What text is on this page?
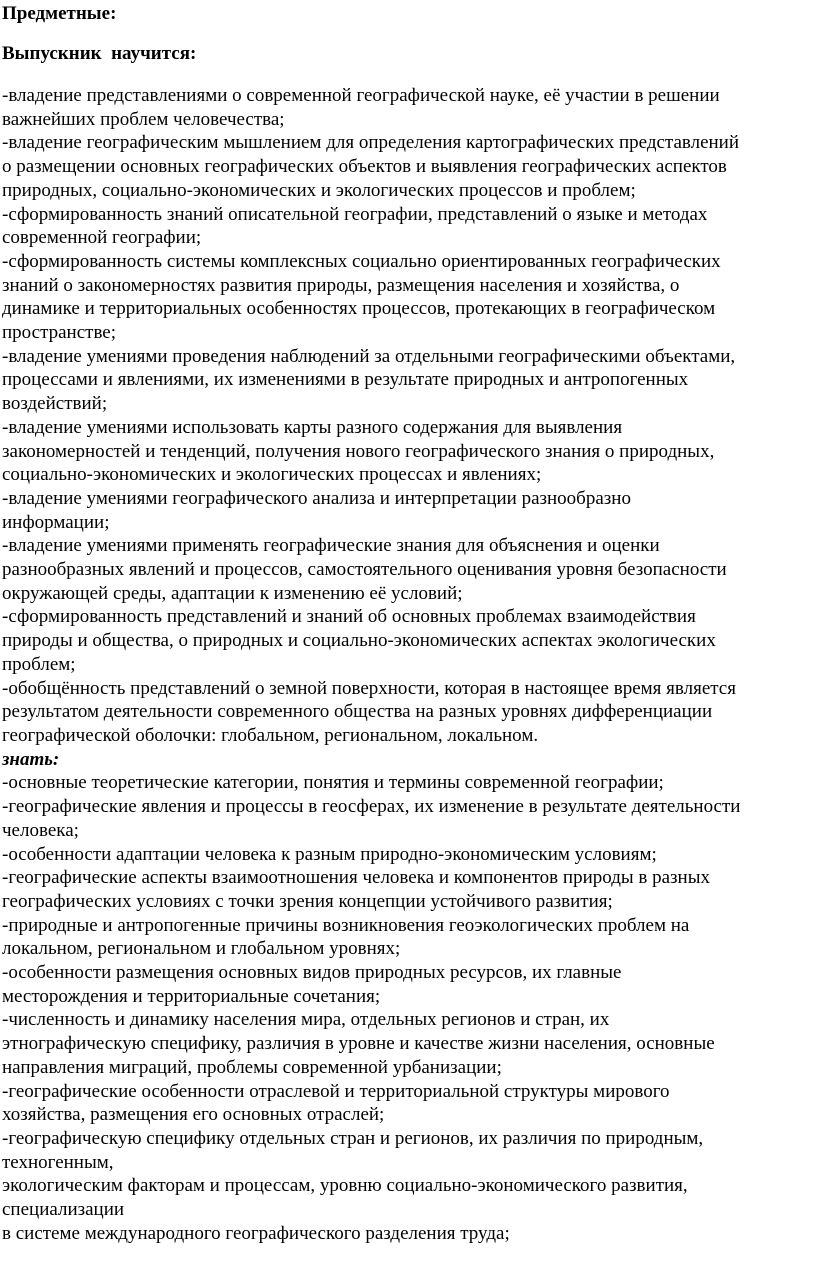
Предметные:

Выпускник  научится:

-владение представлениями о современной географической науке, её участии в решении
важнейших проблем человечества;
-владение географическим мышлением для определения картографических представлений
о размещении основных географических объектов и выявления географических аспектов
природных, социально-экономических и экологических процессов и проблем;
-сформированность знаний описательной географии, представлений о языке и методах
современной географии;
-сформированность системы комплексных социально ориентированных географических
знаний о закономерностях развития природы, размещения населения и хозяйства, о
динамике и территориальных особенностях процессов, протекающих в географическом
пространстве;
-владение умениями проведения наблюдений за отдельными географическими объектами,
процессами и явлениями, их изменениями в результате природных и антропогенных
воздействий;
-владение умениями использовать карты разного содержания для выявления
закономерностей и тенденций, получения нового географического знания о природных,
социально-экономических и экологических процессах и явлениях;
-владение умениями географического анализа и интерпретации разнообразно
информации;
-владение умениями применять географические знания для объяснения и оценки
разнообразных явлений и процессов, самостоятельного оценивания уровня безопасности
окружающей среды, адаптации к изменению её условий;
-сформированность представлений и знаний об основных проблемах взаимодействия
природы и общества, о природных и социально-экономических аспектах экологических
проблем;
-обобщённость представлений о земной поверхности, которая в настоящее время является
результатом деятельности современного общества на разных уровнях дифференциации
географической оболочки: глобальном, региональном, локальном.
знать:
-основные теоретические категории, понятия и термины современной географии;
-географические явления и процессы в геосферах, их изменение в результате деятельности
человека;
-особенности адаптации человека к разным природно-экономическим условиям;
-географические аспекты взаимоотношения человека и компонентов природы в разных
географических условиях с точки зрения концепции устойчивого развития;
-природные и антропогенные причины возникновения геоэкологических проблем на
локальном, региональном и глобальном уровнях;
-особенности размещения основных видов природных ресурсов, их главные
месторождения и территориальные сочетания;
-численность и динамику населения мира, отдельных регионов и стран, их
этнографическую специфику, различия в уровне и качестве жизни населения, основные
направления миграций, проблемы современной урбанизации;
-географические особенности отраслевой и территориальной структуры мирового
хозяйства, размещения его основных отраслей;
-географическую специфику отдельных стран и регионов, их различия по природным,
техногенным,
экологическим факторам и процессам, уровню социально-экономического развития,
специализации
в системе международного географического разделения труда;
